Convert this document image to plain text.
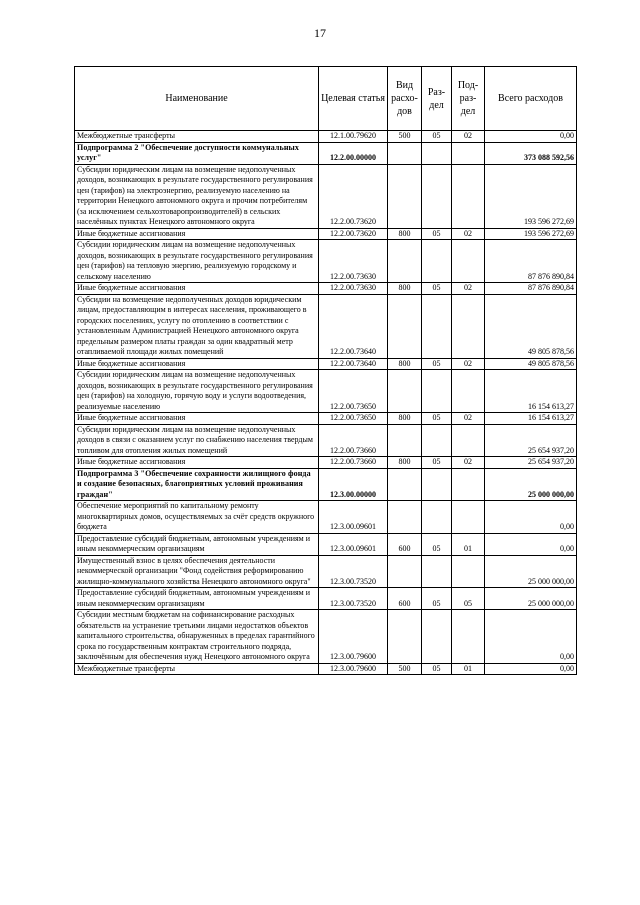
17
Наименование	Целевая статья	Вид расхо-дов	Раз-дел	Под-раз-дел	Всего расходов
Межбюджетные трансферты	12.1.00.79620	500	05	02	0,00
Подпрограмма 2 "Обеспечение доступности коммунальных услуг"	12.2.00.00000				373 088 592,56
Субсидии юридическим лицам на возмещение недополученных доходов, возникающих в результате государственного регулирования цен (тарифов) на электроэнергию, реализуемую населению на территории Ненецкого автономного округа и прочим потребителям (за исключением сельхозтоваропроизводителей) в сельских населённых пунктах Ненецкого автономного округа	12.2.00.73620				193 596 272,69
Иные бюджетные ассигнования	12.2.00.73620	800	05	02	193 596 272,69
Субсидии юридическим лицам на возмещение недополученных доходов, возникающих в результате государственного регулирования цен (тарифов) на тепловую энергию, реализуемую городскому и сельскому населению	12.2.00.73630				87 876 890,84
Иные бюджетные ассигнования	12.2.00.73630	800	05	02	87 876 890,84
Субсидии на возмещение недополученных доходов юридическим лицам, предоставляющим в интересах населения, проживающего в городских поселениях, услугу по отоплению в соответствии с установленным Администрацией Ненецкого автономного округа предельным размером платы граждан за один квадратный метр отапливаемой площади жилых помещений	12.2.00.73640				49 805 878,56
Иные бюджетные ассигнования	12.2.00.73640	800	05	02	49 805 878,56
Субсидии юридическим лицам на возмещение недополученных доходов, возникающих в результате государственного регулирования цен (тарифов) на холодную, горячую воду и услуги водоотведения, реализуемые населению	12.2.00.73650				16 154 613,27
Иные бюджетные ассигнования	12.2.00.73650	800	05	02	16 154 613,27
Субсидии юридическим лицам на возмещение недополученных доходов в связи с оказанием услуг по снабжению населения твердым топливом для отопления жилых помещений	12.2.00.73660				25 654 937,20
Иные бюджетные ассигнования	12.2.00.73660	800	05	02	25 654 937,20
Подпрограмма 3 "Обеспечение сохранности жилищного фонда и создание безопасных, благоприятных условий проживания граждан"	12.3.00.00000				25 000 000,00
Обеспечение мероприятий по капитальному ремонту многоквартирных домов, осуществляемых за счёт средств окружного бюджета	12.3.00.09601				0,00
Предоставление субсидий бюджетным, автономным учреждениям и иным некоммерческим организациям	12.3.00.09601	600	05	01	0,00
Имущественный взнос в целях обеспечения деятельности некоммерческой организации "Фонд содействия реформированию жилищно-коммунального хозяйства Ненецкого автономного округа"	12.3.00.73520				25 000 000,00
Предоставление субсидий бюджетным, автономным учреждениям и иным некоммерческим организациям	12.3.00.73520	600	05	05	25 000 000,00
Субсидии местным бюджетам на софинансирование расходных обязательств на устранение третьими лицами недостатков объектов капитального строительства, обнаруженных в пределах гарантийного срока по государственным контрактам строительного подряда, заключённым для обеспечения нужд Ненецкого автономного округа	12.3.00.79600				0,00
Межбюджетные трансферты	12.3.00.79600	500	05	01	0,00
